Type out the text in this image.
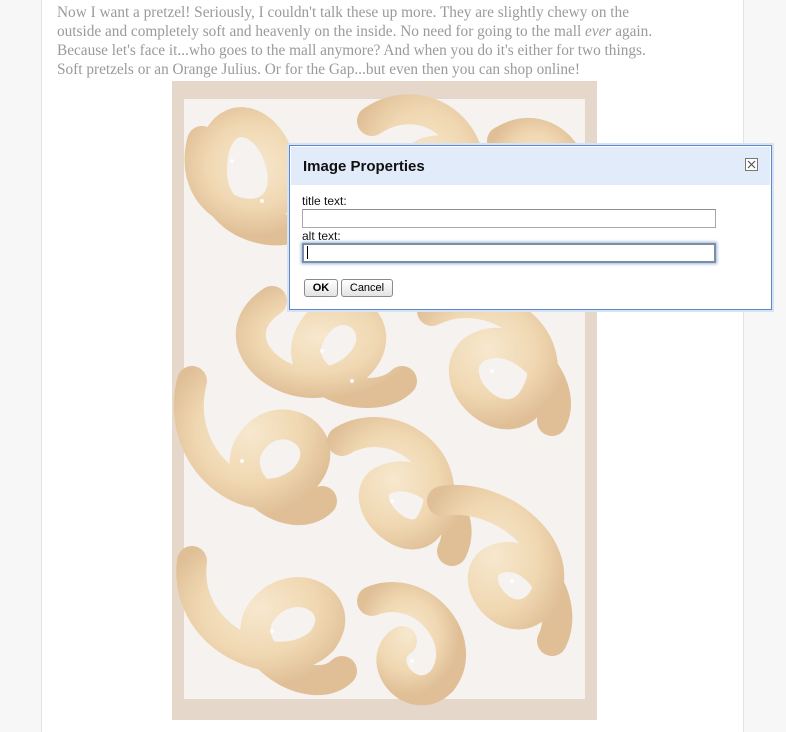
Now I want a pretzel! Seriously, I couldn't talk these up more. They are slightly chewy on the
outside and completely soft and heavenly on the inside. No need for going to the mall ever again.
Because let's face it...who goes to the mall anymore? And when you do it's either for two things.
Soft pretzels or an Orange Julius. Or for the Gap...but even then you can shop online!

Image Properties
title text:
alt text:
OK	Cancel
